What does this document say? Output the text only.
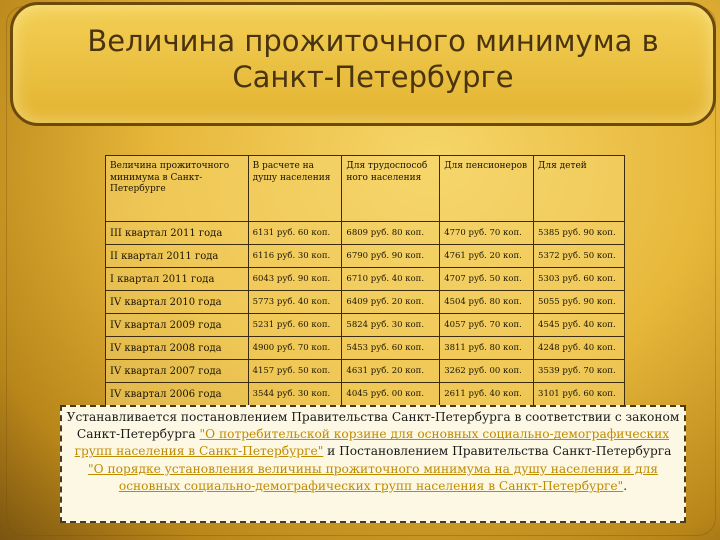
Величина прожиточного минимума в
Санкт-Петербурге
Величина прожиточного минимума в Санкт-Петербурге	В расчете на душу населения	Для трудоспособ ного населения	Для пенсионеров	Для детей
III квартал 2011 года	6131 руб. 60 коп.	6809 руб. 80 коп.	4770 руб. 70 коп.	5385 руб. 90 коп.
II квартал 2011 года	6116 руб. 30 коп.	6790 руб. 90 коп.	4761 руб. 20 коп.	5372 руб. 50 коп.
I квартал 2011 года	6043 руб. 90 коп.	6710 руб. 40 коп.	4707 руб. 50 коп.	5303 руб. 60 коп.
IV квартал 2010 года	5773 руб. 40 коп.	6409 руб. 20 коп.	4504 руб. 80 коп.	5055 руб. 90 коп.
IV квартал 2009 года	5231 руб. 60 коп.	5824 руб. 30 коп.	4057 руб. 70 коп.	4545 руб. 40 коп.
IV квартал 2008 года	4900 руб. 70 коп.	5453 руб. 60 коп.	3811 руб. 80 коп.	4248 руб. 40 коп.
IV квартал 2007 года	4157 руб. 50 коп.	4631 руб. 20 коп.	3262 руб. 00 коп.	3539 руб. 70 коп.
IV квартал 2006 года	3544 руб. 30 коп.	4045 руб. 00 коп.	2611 руб. 40 коп.	3101 руб. 60 коп.
Устанавливается постановлением Правительства Санкт-Петербурга в соответствии с законом Санкт-Петербурга "О потребительской корзине для основных социально-демографических групп населения в Санкт-Петербурге" и Постановлением Правительства Санкт-Петербурга "О порядке установления величины прожиточного минимума на душу населения и для основных социально-демографических групп населения в Санкт-Петербурге".
